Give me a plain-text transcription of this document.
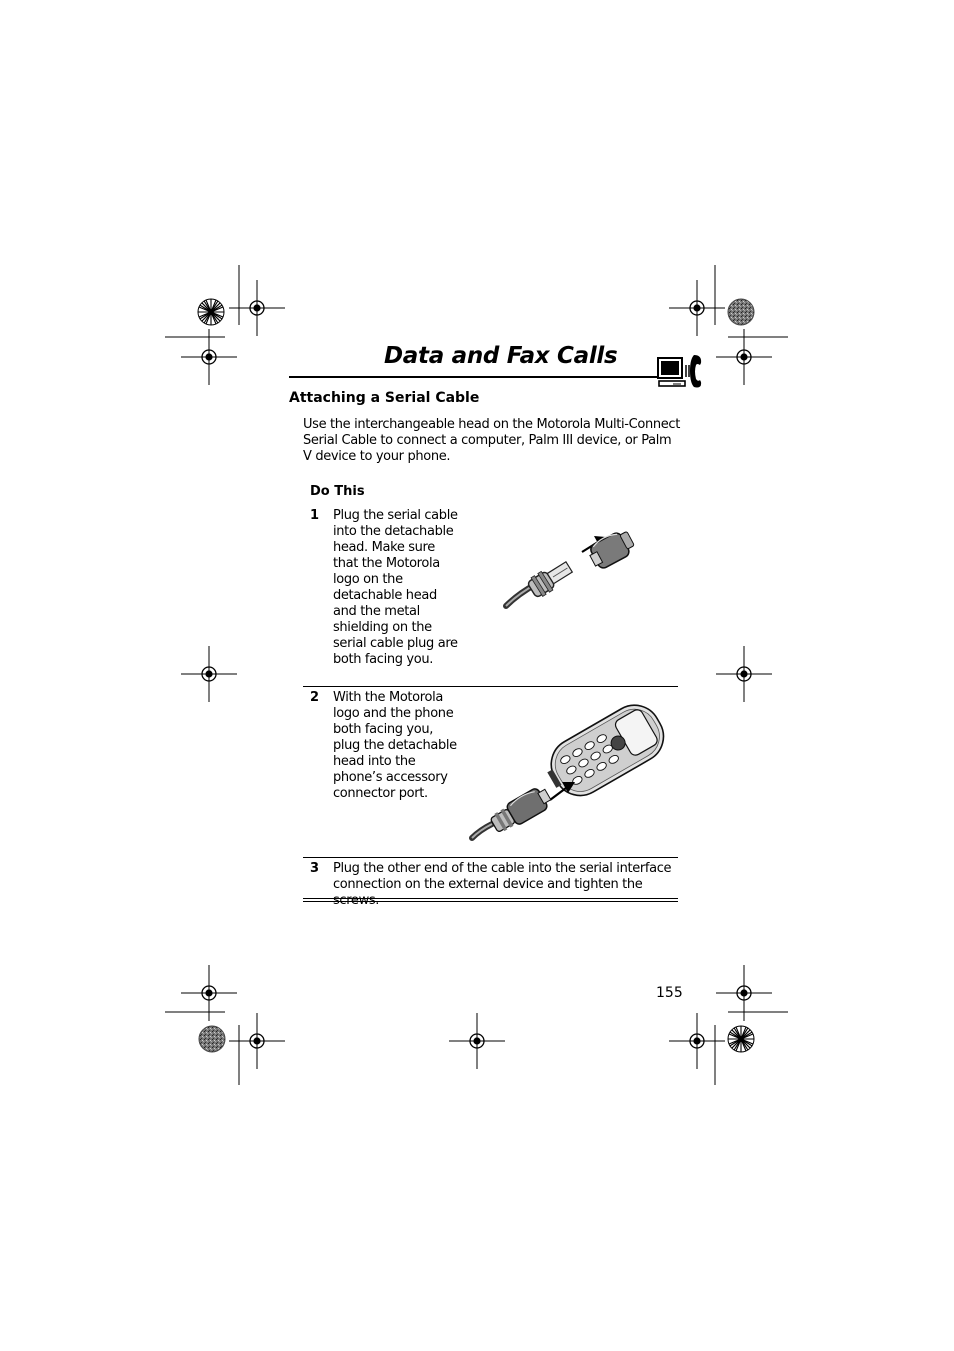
Data and Fax Calls
Attaching a Serial Cable
Use the interchangeable head on the Motorola Multi-Connect Serial Cable to connect a computer, Palm III device, or Palm V device to your phone.
Do This
1 Plug the serial cable
into the detachable
head. Make sure
that the Motorola
logo on the
detachable head
and the metal
shielding on the
serial cable plug are
both facing you.
2 With the Motorola
logo and the phone
both facing you,
plug the detachable
head into the
phone’s accessory
connector port.
3 Plug the other end of the cable into the serial interface
connection on the external device and tighten the
155
